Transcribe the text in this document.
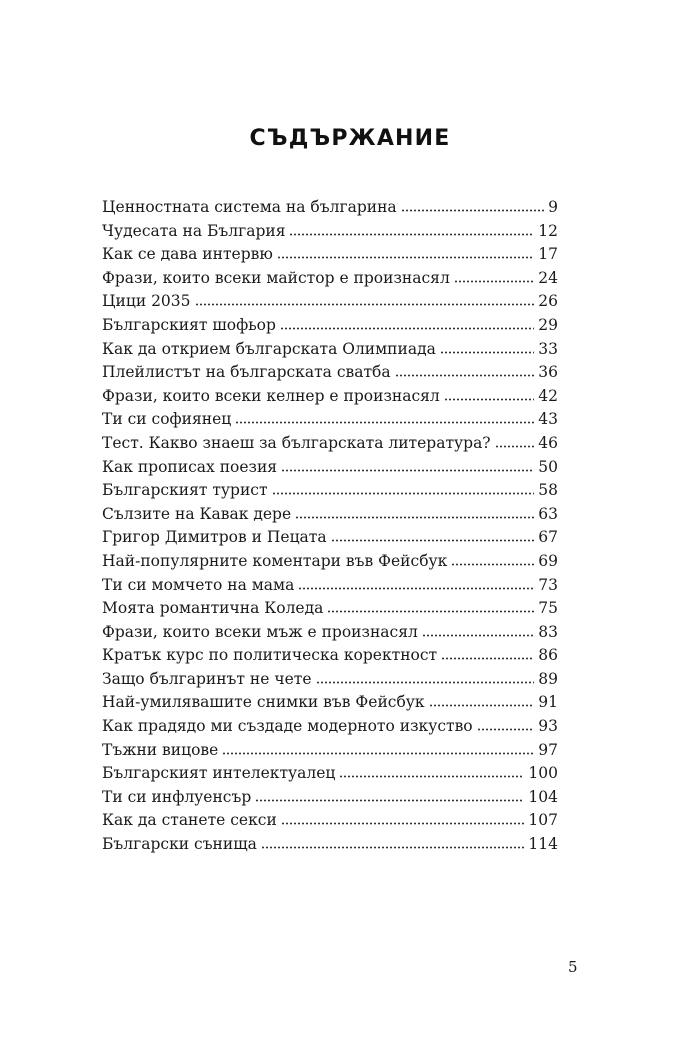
СЪДЪРЖАНИЕ
Ценностната система на българина	9
Чудесата на България	12
Как се дава интервю	17
Фрази, които всеки майстор е произнасял	24
Цици 2035	26
Българският шофьор	29
Как да открием българската Олимпиада	33
Плейлистът на българската сватба	36
Фрази, които всеки келнер е произнасял	42
Ти си софиянец	43
Тест. Какво знаеш за българската литература?	46
Как прописах поезия	50
Българският турист	58
Сълзите на Кавак дере	63
Григор Димитров и Пецата	67
Най-популярните коментари във Фейсбук	69
Ти си момчето на мама	73
Моята романтична Коледа	75
Фрази, които всеки мъж е произнасял	83
Кратък курс по политическа коректност	86
Защо българинът не чете	89
Най-умилявашите снимки във Фейсбук	91
Как прадядо ми създаде модерното изкуство	93
Тъжни вицове	97
Българският интелектуалец	100
Ти си инфлуенсър	104
Как да станете секси	107
Български сънища	114
5
